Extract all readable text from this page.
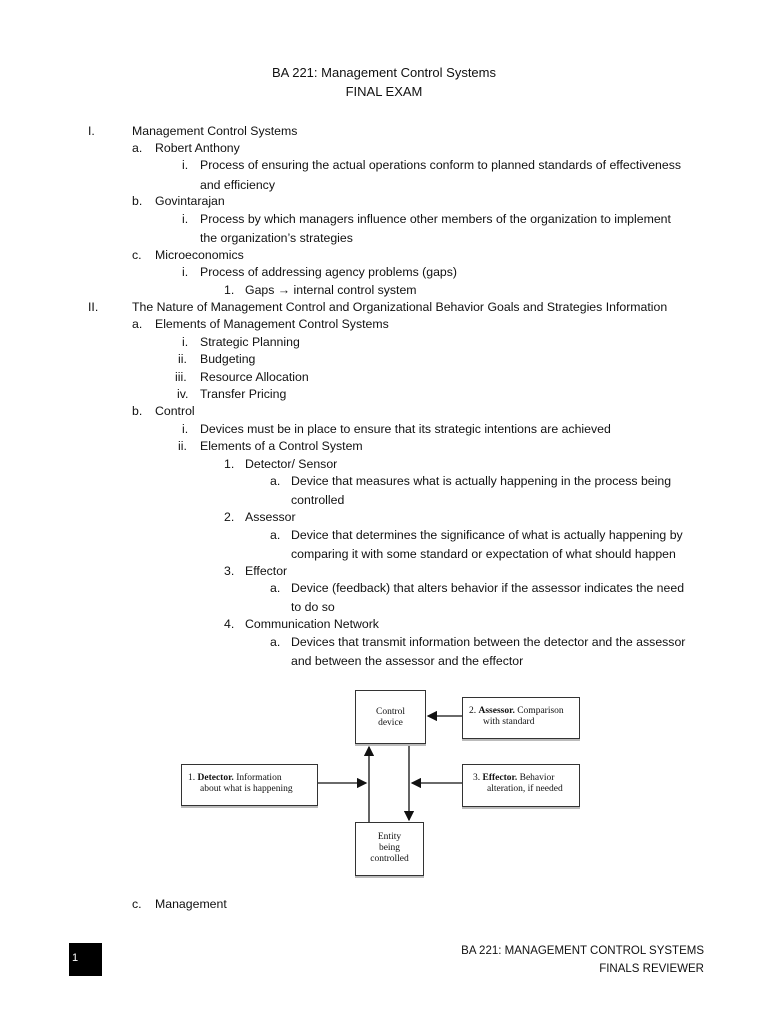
BA 221: Management Control Systems
FINAL EXAM
I.	Management Control Systems
a. Robert Anthony
i. Process of ensuring the actual operations conform to planned standards of effectiveness
and efficiency
b. Govintarajan
i. Process by which managers influence other members of the organization to implement
the organization’s strategies
c. Microeconomics
i. Process of addressing agency problems (gaps)
1. Gaps → internal control system
II.	The Nature of Management Control and Organizational Behavior Goals and Strategies Information
a. Elements of Management Control Systems
i. Strategic Planning
ii. Budgeting
iii. Resource Allocation
iv. Transfer Pricing
b. Control
i. Devices must be in place to ensure that its strategic intentions are achieved
ii. Elements of a Control System
1. Detector/ Sensor
a. Device that measures what is actually happening in the process being
controlled
2. Assessor
a. Device that determines the significance of what is actually happening by
comparing it with some standard or expectation of what should happen
3. Effector
a. Device (feedback) that alters behavior if the assessor indicates the need
to do so
4. Communication Network
a. Devices that transmit information between the detector and the assessor
and between the assessor and the effector
Control
device
2. Assessor. Comparison
with standard
1. Detector. Information
about what is happening
3. Effector. Behavior
alteration, if needed
Entity
being
controlled
c. Management
1
BA 221: MANAGEMENT CONTROL SYSTEMS
FINALS REVIEWER
